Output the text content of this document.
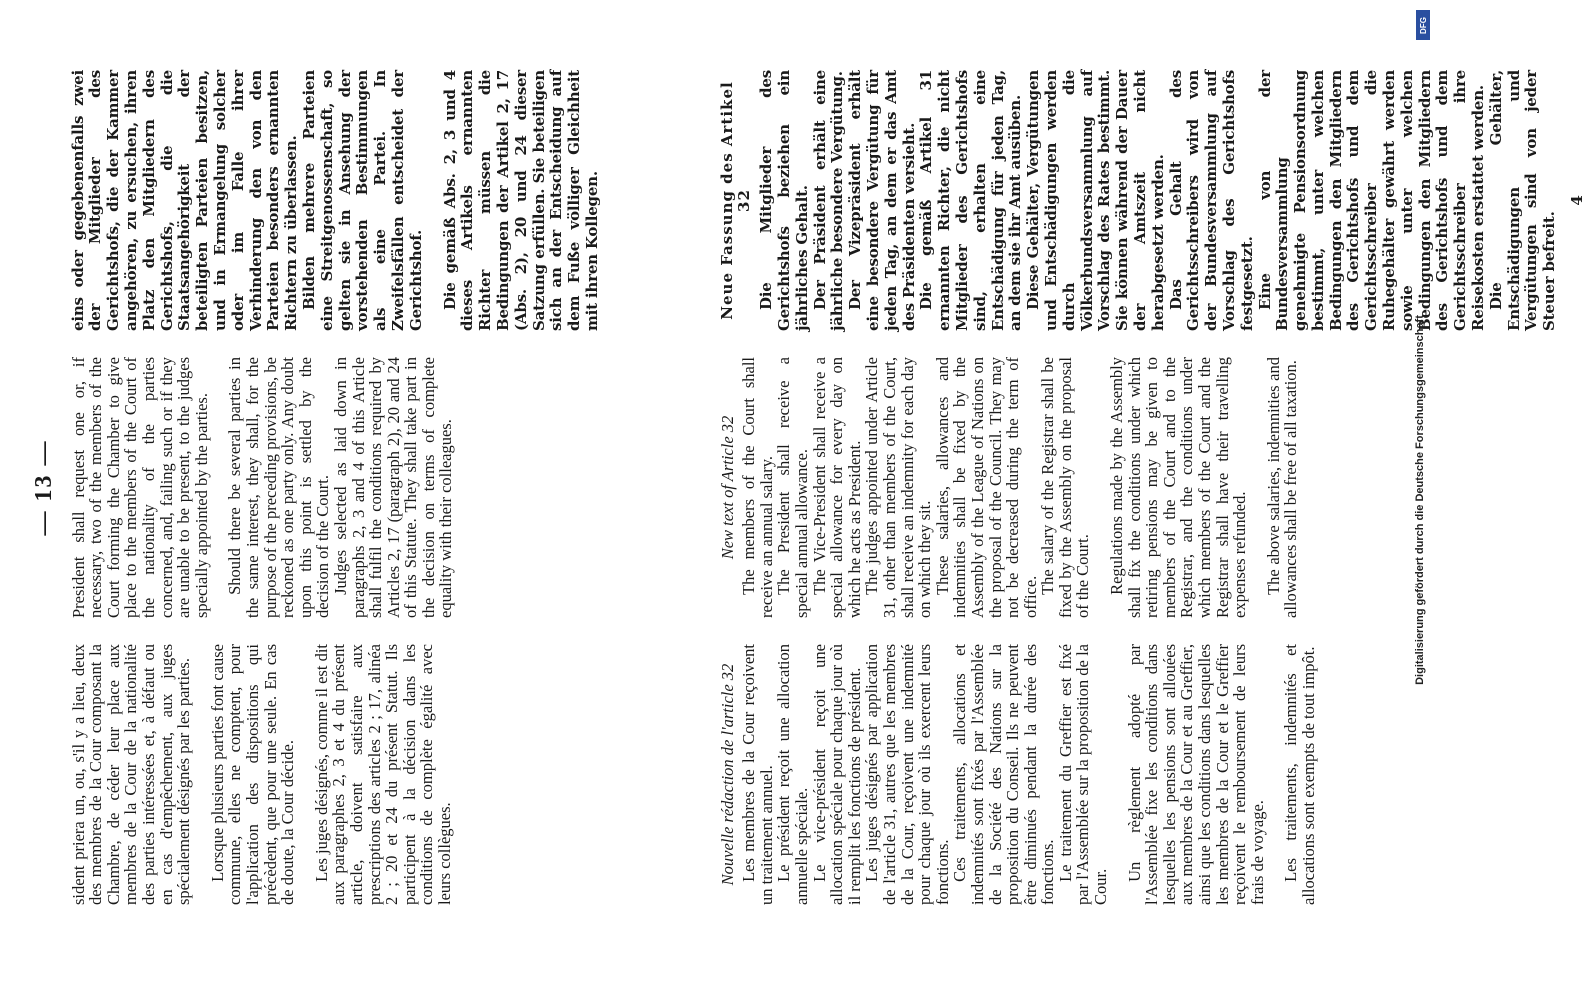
— 13 —

sident priera un, ou, s'il y a lieu, deux des membres de la Cour composant la Chambre, de céder leur place aux membres de la Cour de la nationalité des parties intéressées et, à défaut ou en cas d'empêchement, aux juges spécialement désignés par les parties. Lorsque plusieurs parties font cause commune, elles ne comptent, pour l'application des dispositions qui précèdent, que pour une seule. En cas de doute, la Cour décide. Les juges désignés, comme il est dit aux paragraphes 2, 3 et 4 du présent article, doivent satisfaire aux prescriptions des articles 2 ; 17, alinéa 2 ; 20 et 24 du présent Statut. Ils participent à la décision dans les conditions de complète égalité avec leurs collègues.

President shall request one or, if necessary, two of the members of the Court forming the Chamber to give place to the members of the Court of the nationality of the parties concerned, and, failing such or if they are unable to be present, to the judges specially appointed by the parties. Should there be several parties in the same interest, they shall, for the purpose of the preceding provisions, be reckoned as one party only. Any doubt upon this point is settled by the decision of the Court.

Judges selected as laid down in paragraphs 2, 3 and 4 of this Article shall fulfil the conditions required by Articles 2, 17 (paragraph 2), 20 and 24 of this Statute. They shall take part in the decision on terms of complete equality with their colleagues.

eins oder gegebenenfalls zwei der Mitglieder des Gerichtshofs, die der Kammer angehören, zu ersuchen, ihren Platz den Mitgliedern des Gerichtshofs, die die Staatsangehörigkeit der beteiligten Parteien besitzen, und in Ermangelung solcher oder im Falle ihrer Verhinderung den von den Parteien besonders ernannten Richtern zu überlassen. Bilden mehrere Parteien eine Streitgenossenschaft, so gelten sie in Ansehung der vorstehenden Bestimmungen als eine Partei. In Zweifelsfällen entscheidet der Gerichtshof. Die gemäß Abs. 2, 3 und 4 dieses Artikels ernannten Richter müssen die Bedingungen der Artikel 2, 17 (Abs. 2), 20 und 24 dieser Satzung erfüllen. Sie beteiligen sich an der Entscheidung auf dem Fuße völliger Gleichheit mit ihren Kollegen.

Nouvelle rédaction de l'article 32 Les membres de la Cour reçoivent un traitement annuel.

Le président reçoit une allocation annuelle spéciale.

Le vice-président reçoit une allocation spéciale pour chaque jour où il remplit les fonctions de président.

Les juges désignés par application de l'article 31, autres que les membres de la Cour, reçoivent une indemnité pour chaque jour où ils exercent leurs fonctions.

Ces traitements, allocations et indemnités sont fixés par l'Assemblée de la Société des Nations sur la proposition du Conseil. Ils ne peuvent être diminués pendant la durée des fonctions.

Le traitement du Greffier est fixé par l'Assemblée sur la proposition de la Cour.

Un règlement adopté par l'Assemblée fixe les conditions dans lesquelles les pensions sont allouées aux membres de la Cour et au Greffier, ainsi que les conditions dans lesquelles les membres de la Cour et le Greffier reçoivent le remboursement de leurs frais de voyage. Les traitements, indemnités et allocations sont exempts de tout impôt.

New text of Article 32 The members of the Court shall receive an annual salary.

The President shall receive a special annual allowance.

The Vice-President shall receive a special allowance for every day on which he acts as President.

The judges appointed under Article 31, other than members of the Court, shall receive an indemnity for each day on which they sit.

These salaries, allowances and indemnities shall be fixed by the Assembly of the League of Nations on the proposal of the Council. They may not be decreased during the term of office.

The salary of the Registrar shall be fixed by the Assembly on the proposal of the Court. Regulations made by the Assembly shall fix the conditions under which retiring pensions may be given to members of the Court and to the Registrar, and the conditions under which members of the Court and the Registrar shall have their travelling expenses refunded. The above salaries, indemnities and allowances shall be free of all taxation.

Neue Fassung des Artikel 32 Die Mitglieder des Gerichtshofs beziehen ein jährliches Gehalt. Der Präsident erhält eine jährliche besondere Vergütung. Der Vizepräsident erhält eine besondere Vergütung für jeden Tag, an dem er das Amt des Präsidenten versieht. Die gemäß Artikel 31 ernannten Richter, die nicht Mitglieder des Gerichtshofs sind, erhalten eine Entschädigung für jeden Tag, an dem sie ihr Amt ausüben. Diese Gehälter, Vergütungen und Entschädigungen werden durch die Völkerbundsversammlung auf Vorschlag des Rates bestimmt. Sie können während der Dauer der Amtszeit nicht herabgesetzt werden. Das Gehalt des Gerichtsschreibers wird von der Bundesversammlung auf Vorschlag des Gerichtshofs festgesetzt. Eine von der Bundesversammlung genehmigte Pensionsordnung bestimmt, unter welchen Bedingungen den Mitgliedern des Gerichtshofs und dem Gerichtsschreiber die Ruhegehälter gewährt werden sowie unter welchen Bedingungen den Mitgliedern des Gerichtshofs und dem Gerichtsschreiber ihre Reisekosten erstattet werden. Die Gehälter, Entschädigungen und Vergütungen sind von jeder Steuer befreit.

4

Digitalisierung gefördert durch die Deutsche Forschungsgemeinschaft
DFG
